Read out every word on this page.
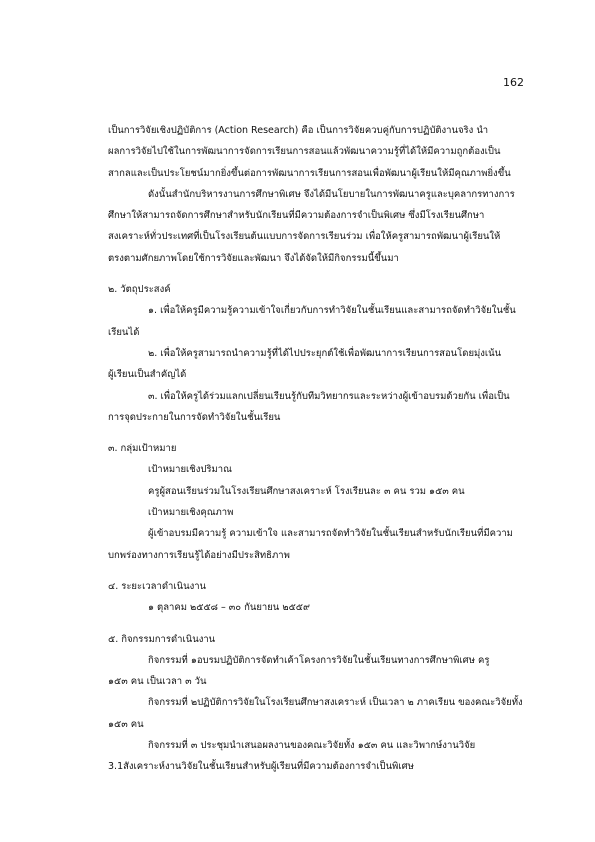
162

เป็นการวิจัยเชิงปฏิบัติการ (Action Research) คือ เป็นการวิจัยควบคู่กับการปฏิบัติงานจริง นำ

ผลการวิจัยไปใช้ในการพัฒนาการจัดการเรียนการสอนแล้วพัฒนาความรู้ที่ได้ให้มีความถูกต้องเป็น

สากลและเป็นประโยชน์มากยิ่งขึ้นต่อการพัฒนาการเรียนการสอนเพื่อพัฒนาผู้เรียนให้มีคุณภาพยิ่งขึ้น

ดังนั้นสำนักบริหารงานการศึกษาพิเศษ จึงได้มีนโยบายในการพัฒนาครูและบุคลากรทางการ

ศึกษาให้สามารถจัดการศึกษาสำหรับนักเรียนที่มีความต้องการจำเป็นพิเศษ ซึ่งมีโรงเรียนศึกษา

สงเคราะห์ทั่วประเทศที่เป็นโรงเรียนต้นแบบการจัดการเรียนร่วม เพื่อให้ครูสามารถพัฒนาผู้เรียนให้

ตรงตามศักยภาพโดยใช้การวิจัยและพัฒนา จึงได้จัดให้มีกิจกรรมนี้ขึ้นมา

๒. วัตถุประสงค์

๑. เพื่อให้ครูมีความรู้ความเข้าใจเกี่ยวกับการทำวิจัยในชั้นเรียนและสามารถจัดทำวิจัยในชั้น

เรียนได้

๒. เพื่อให้ครูสามารถนำความรู้ที่ได้ไปประยุกต์ใช้เพื่อพัฒนาการเรียนการสอนโดยมุ่งเน้น

ผู้เรียนเป็นสำคัญได้

๓. เพื่อให้ครูได้ร่วมแลกเปลี่ยนเรียนรู้กับทีมวิทยากรและระหว่างผู้เข้าอบรมด้วยกัน เพื่อเป็น

การจุดประกายในการจัดทำวิจัยในชั้นเรียน

๓. กลุ่มเป้าหมาย

เป้าหมายเชิงปริมาณ

ครูผู้สอนเรียนร่วมในโรงเรียนศึกษาสงเคราะห์ โรงเรียนละ ๓ คน รวม ๑๕๓ คน

เป้าหมายเชิงคุณภาพ

ผู้เข้าอบรมมีความรู้ ความเข้าใจ และสามารถจัดทำวิจัยในชั้นเรียนสำหรับนักเรียนที่มีความ

บกพร่องทางการเรียนรู้ได้อย่างมีประสิทธิภาพ

๔. ระยะเวลาดำเนินงาน

๑ ตุลาคม ๒๕๕๘ – ๓๐ กันยายน ๒๕๕๙

๕. กิจกรรมการดำเนินงาน

กิจกรรมที่ ๑อบรมปฏิบัติการจัดทำเค้าโครงการวิจัยในชั้นเรียนทางการศึกษาพิเศษ ครู

๑๕๓ คน เป็นเวลา ๓ วัน

กิจกรรมที่ ๒ปฏิบัติการวิจัยในโรงเรียนศึกษาสงเคราะห์ เป็นเวลา ๒ ภาคเรียน ของคณะวิจัยทั้ง

๑๕๓ คน

กิจกรรมที่ ๓ ประชุมนำเสนอผลงานของคณะวิจัยทั้ง ๑๕๓ คน และวิพากษ์งานวิจัย

3.1สังเคราะห์งานวิจัยในชั้นเรียนสำหรับผู้เรียนที่มีความต้องการจำเป็นพิเศษ
